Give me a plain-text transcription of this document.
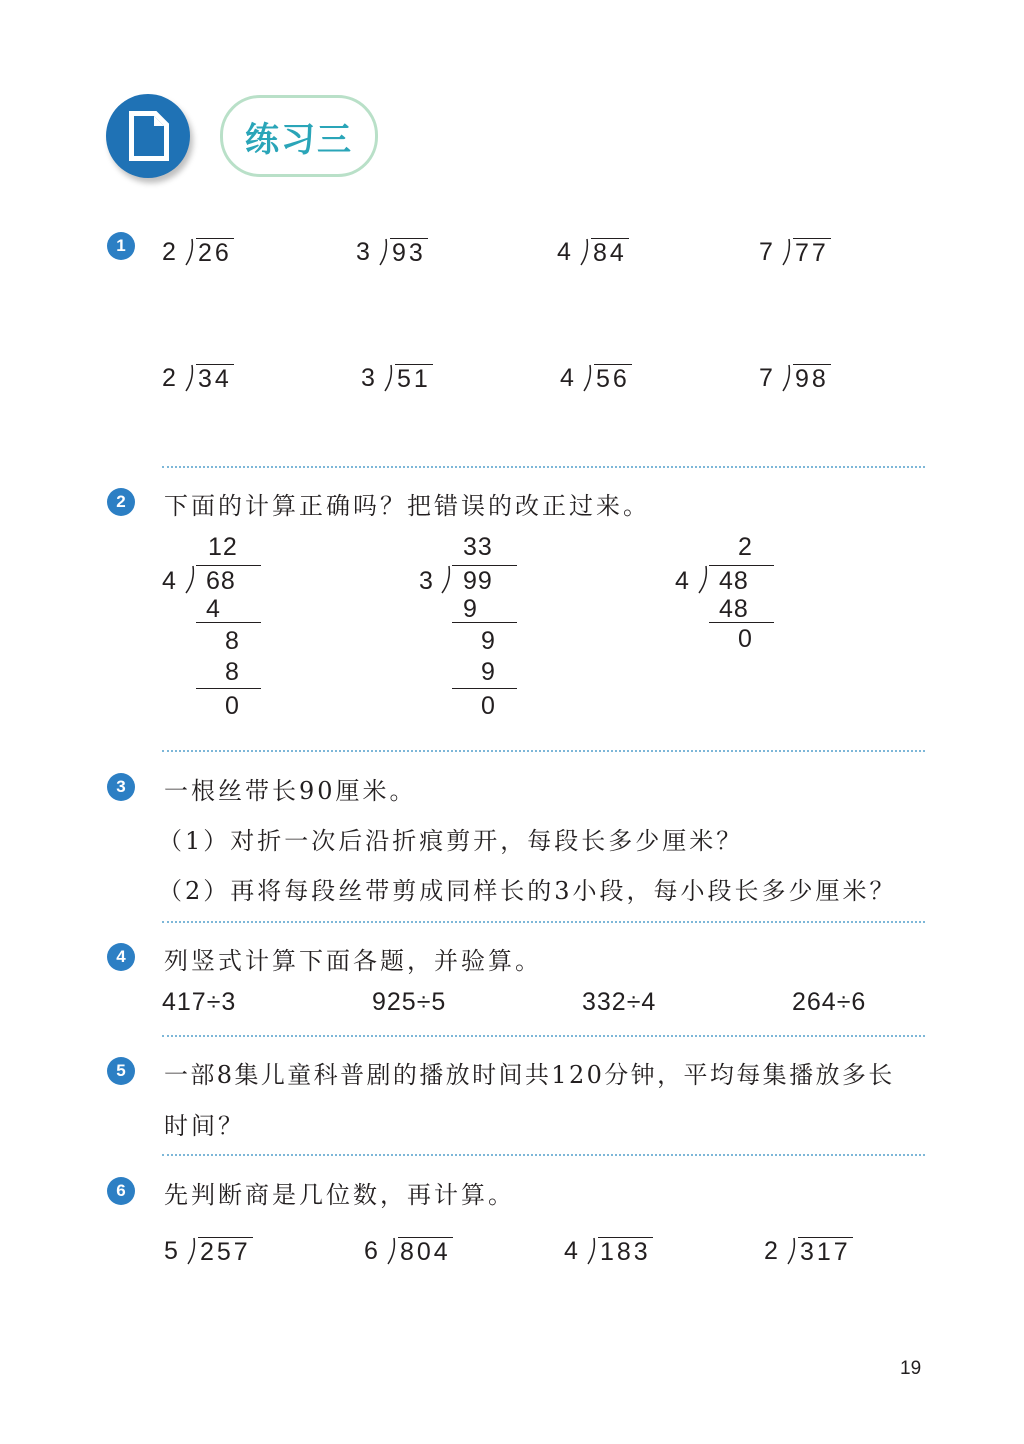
练习三
1	2 26	3 93	4 84	7 77
2 34	3 51	4 56	7 98
2	下面的计算正确吗？把错误的改正过来。
12
4 68
4
8
8
0
33
3 99
9
9
9
0
2
4 48
48
0
3	一根丝带长90厘米。
（1）对折一次后沿折痕剪开，每段长多少厘米？
（2）再将每段丝带剪成同样长的3小段，每小段长多少厘米？
4	列竖式计算下面各题，并验算。
417÷3	925÷5	332÷4	264÷6
5	一部8集儿童科普剧的播放时间共120分钟，平均每集播放多长
时间？
6	先判断商是几位数，再计算。
5 257	6 804	4 183	2 317
19
